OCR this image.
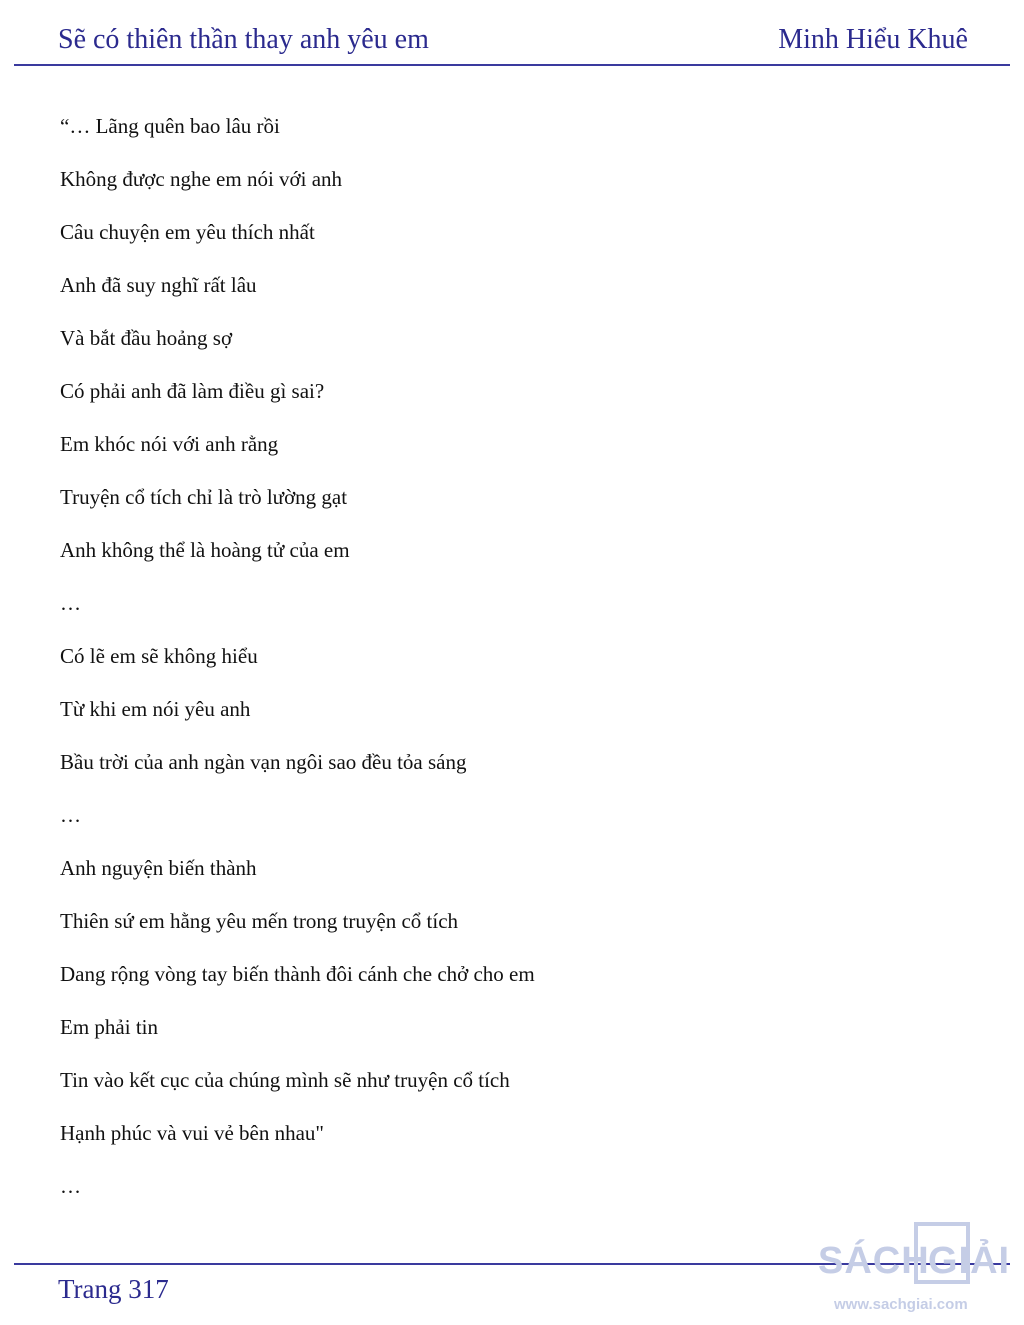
Sẽ có thiên thần thay anh yêu em	Minh Hiểu Khuê
“… Lãng quên bao lâu rồi
Không được nghe em nói với anh
Câu chuyện em yêu thích nhất
Anh đã suy nghĩ rất lâu
Và bắt đầu hoảng sợ
Có phải anh đã làm điều gì sai?
Em khóc nói với anh rằng
Truyện cổ tích chỉ là trò lường gạt
Anh không thể là hoàng tử của em
…
Có lẽ em sẽ không hiểu
Từ khi em nói yêu anh
Bầu trời của anh ngàn vạn ngôi sao đều tỏa sáng
…
Anh nguyện biến thành
Thiên sứ em hằng yêu mến trong truyện cổ tích
Dang rộng vòng tay biến thành đôi cánh che chở cho em
Em phải tin
Tin vào kết cục của chúng mình sẽ như truyện cổ tích
Hạnh phúc và vui vẻ bên nhau"
…
Trang 317
SÁCH
GIẢI
www.sachgiai.com
